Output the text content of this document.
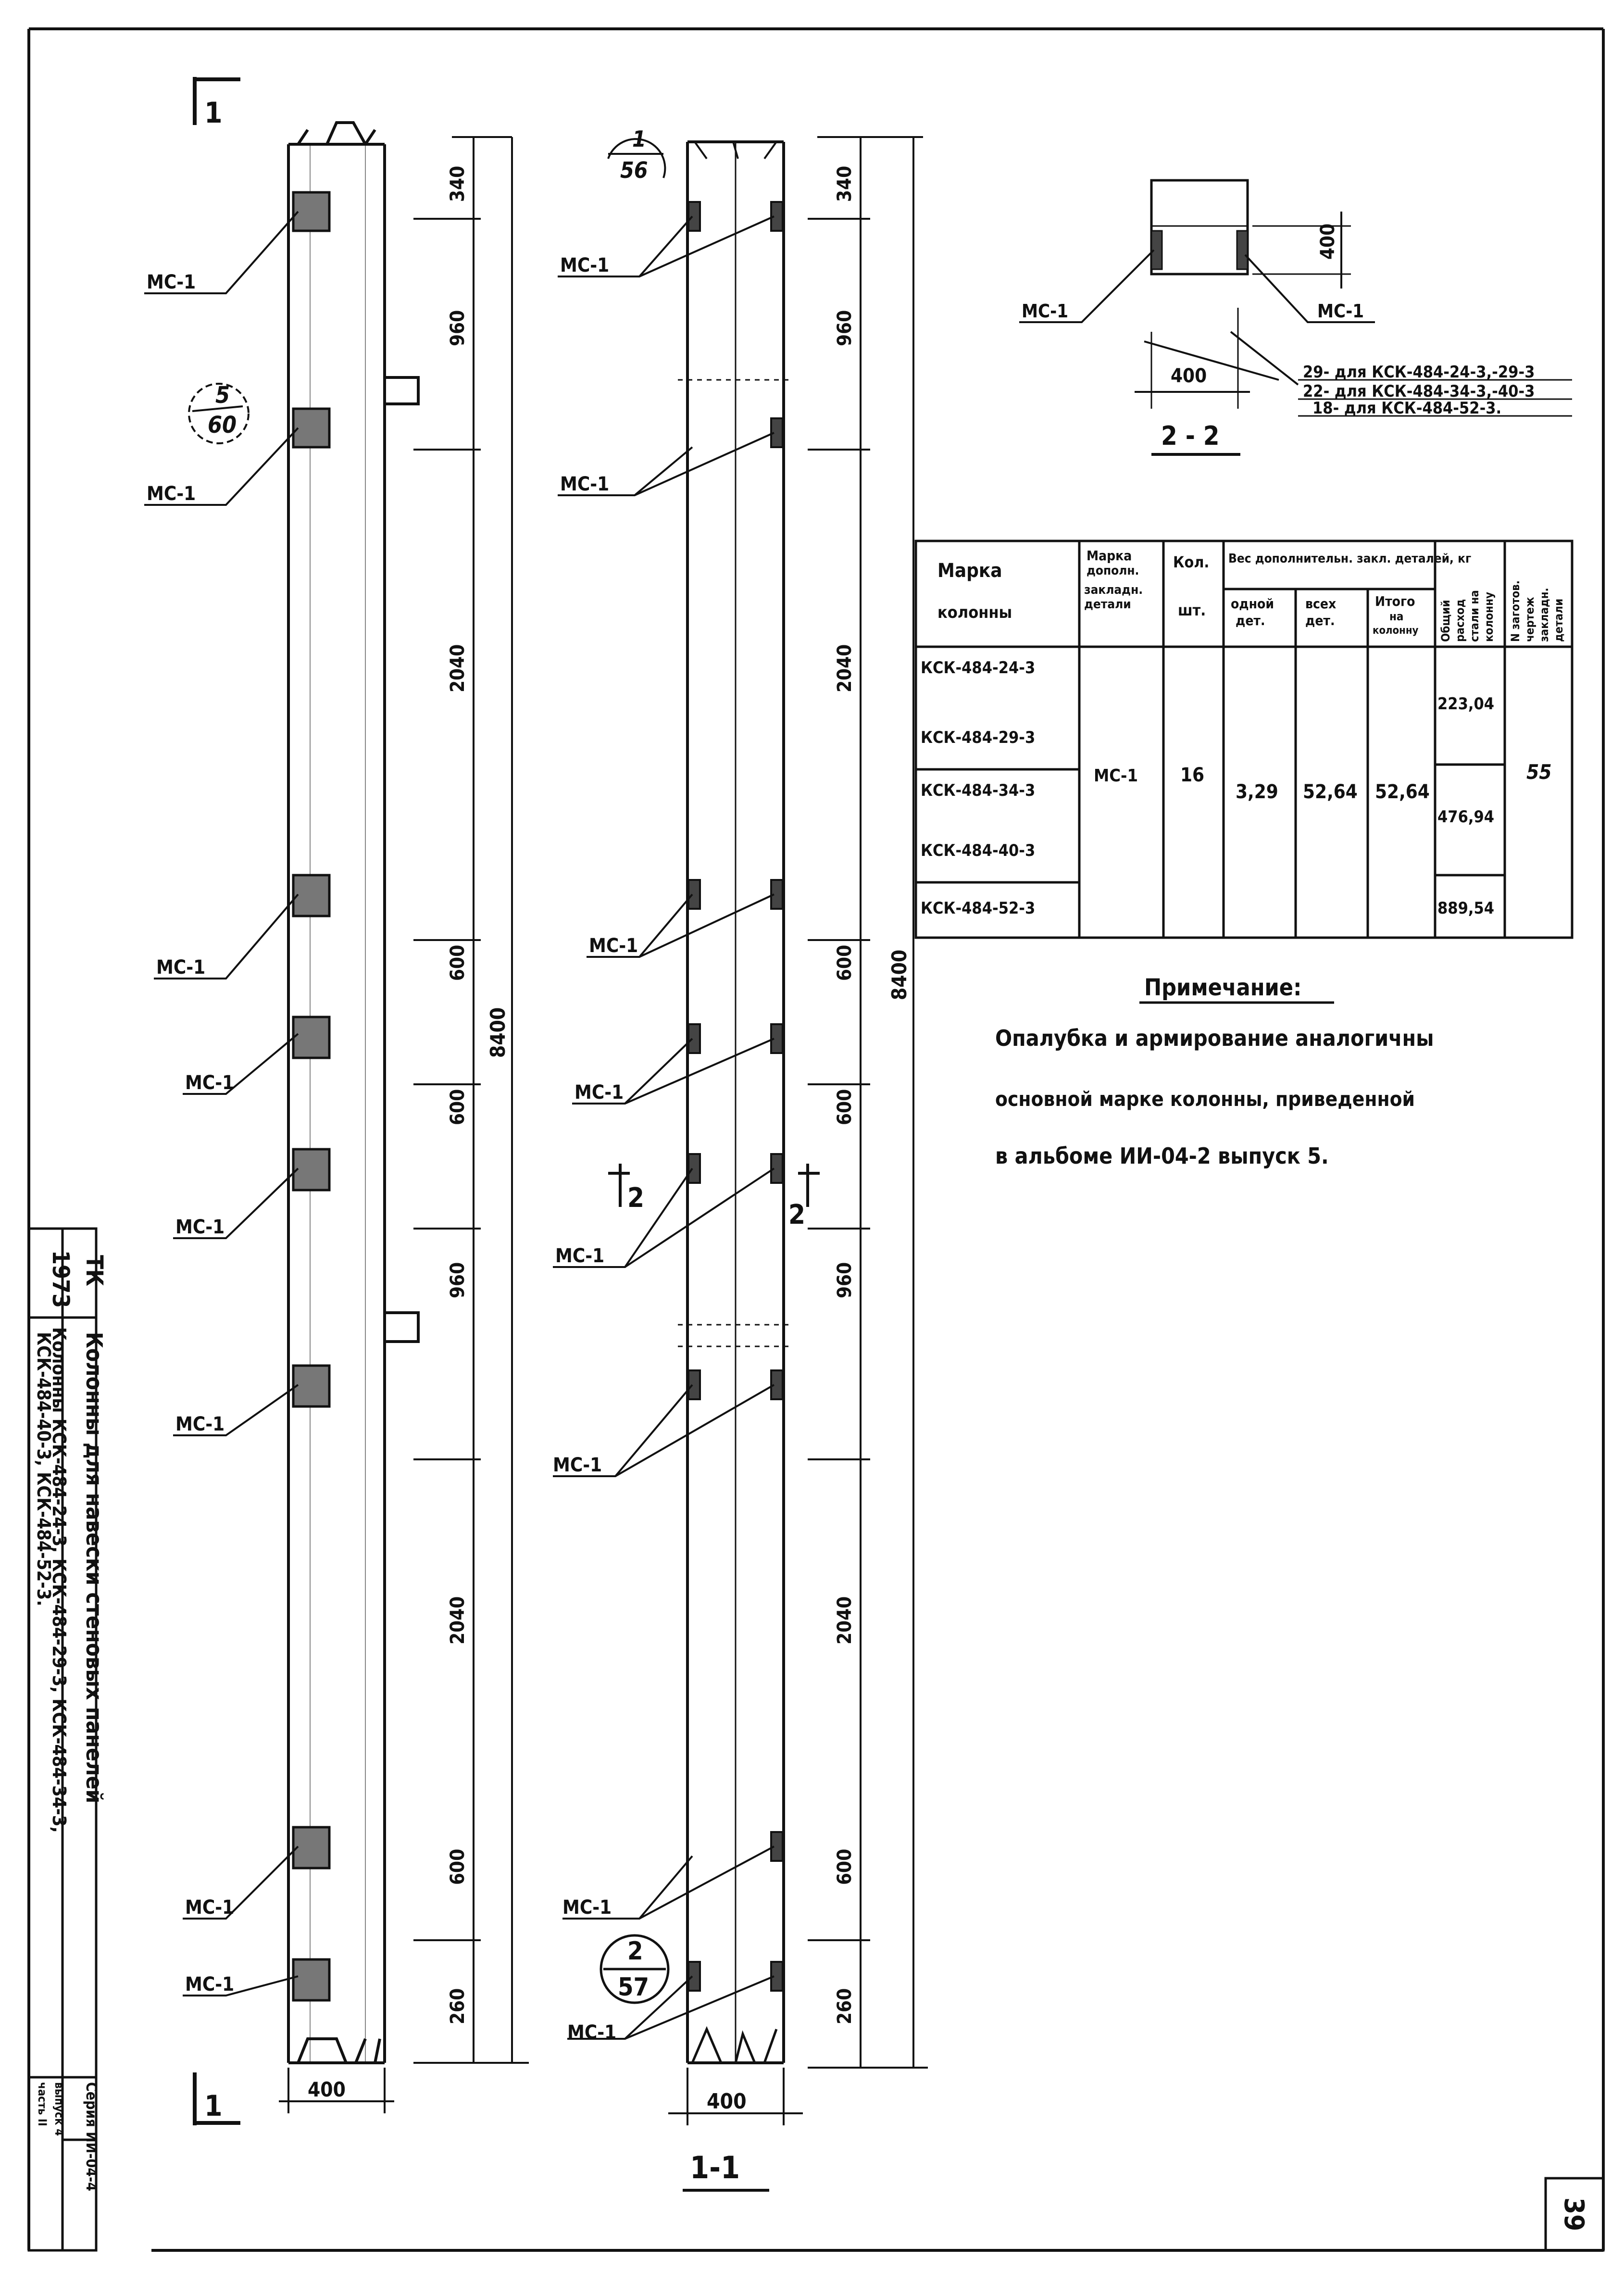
1
МС-1
МС-1
МС-1
МС-1
МС-1
МС-1
МС-1
МС-1
5
60
340
960
2040
600
600
960
2040
600
260
8400
400
1
МС-1
МС-1
МС-1
МС-1
МС-1
МС-1
МС-1
МС-1
1
56
2
57
2
2
340
960
2040
600
600
960
2040
600
260
8400
400
1-1
МС-1	МС-1
400
400	29- для КСК-484-24-3,-29-3
22- для КСК-484-34-3,-40-3
18- для КСК-484-52-3.
2 - 2
Марка
колонны
Марка
дополн.
закладн.
детали
Кол.
шт.
Вес дополнительн. закл. деталей, кг
одной
дет.
всех
дет.
Итого
на
колонну Общий расход стали на колонну N заготов. чертеж закладн. детали
КСК-484-24-3
КСК-484-29-3
КСК-484-34-3
КСК-484-40-3
КСК-484-52-3
МС-1 16
3,29 52,64 52,64
223,04
476,94
889,54
55
Примечание:
Опалубка и армирование аналогичны
основной марке колонны, приведенной
в альбоме ИИ-04-2 выпуск 5.
1973 ТК
Колонны для навески стеновых панелей
Колонны КСК-484-24-3, КСК-484-29-3, КСК-484-34-3,
КСК-484-40-3, КСК-484-52-3.
Серия ИИ-04-4
выпуск 4
часть II
39
